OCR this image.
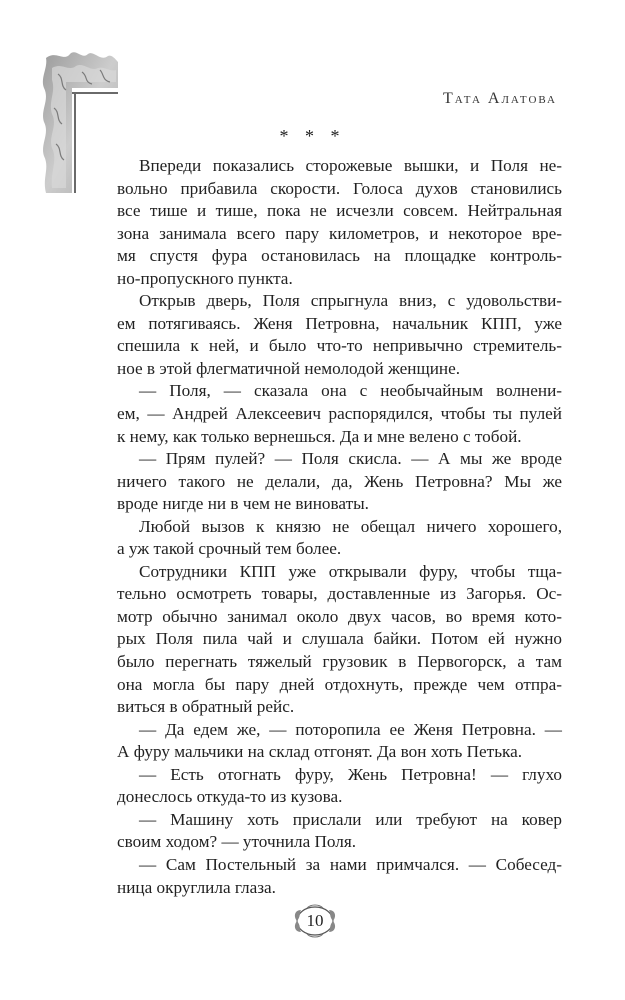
Тата Алатова
* * *

Впереди показались сторожевые вышки, и Поля не-
вольно прибавила скорости. Голоса духов становились
все тише и тише, пока не исчезли совсем. Нейтральная
зона занимала всего пару километров, и некоторое вре-
мя спустя фура остановилась на площадке контроль-
но-пропускного пункта.

Открыв дверь, Поля спрыгнула вниз, с удовольстви-
ем потягиваясь. Женя Петровна, начальник КПП, уже
спешила к ней, и было что-то непривычно стремитель-
ное в этой флегматичной немолодой женщине.

— Поля, — сказала она с необычайным волнени-
ем, — Андрей Алексеевич распорядился, чтобы ты пулей
к нему, как только вернешься. Да и мне велено с тобой.

— Прям пулей? — Поля скисла. — А мы же вроде
ничего такого не делали, да, Жень Петровна? Мы же
вроде нигде ни в чем не виноваты.

Любой вызов к князю не обещал ничего хорошего,
а уж такой срочный тем более.

Сотрудники КПП уже открывали фуру, чтобы тща-
тельно осмотреть товары, доставленные из Загорья. Ос-
мотр обычно занимал около двух часов, во время кото-
рых Поля пила чай и слушала байки. Потом ей нужно
было перегнать тяжелый грузовик в Первогорск, а там
она могла бы пару дней отдохнуть, прежде чем отпра-
виться в обратный рейс.

— Да едем же, — поторопила ее Женя Петровна. —
А фуру мальчики на склад отгонят. Да вон хоть Петька.

— Есть отогнать фуру, Жень Петровна! — глухо
донеслось откуда-то из кузова.

— Машину хоть прислали или требуют на ковер
своим ходом? — уточнила Поля.

— Сам Постельный за нами примчался. — Собесед-
ница округлила глаза.

10
